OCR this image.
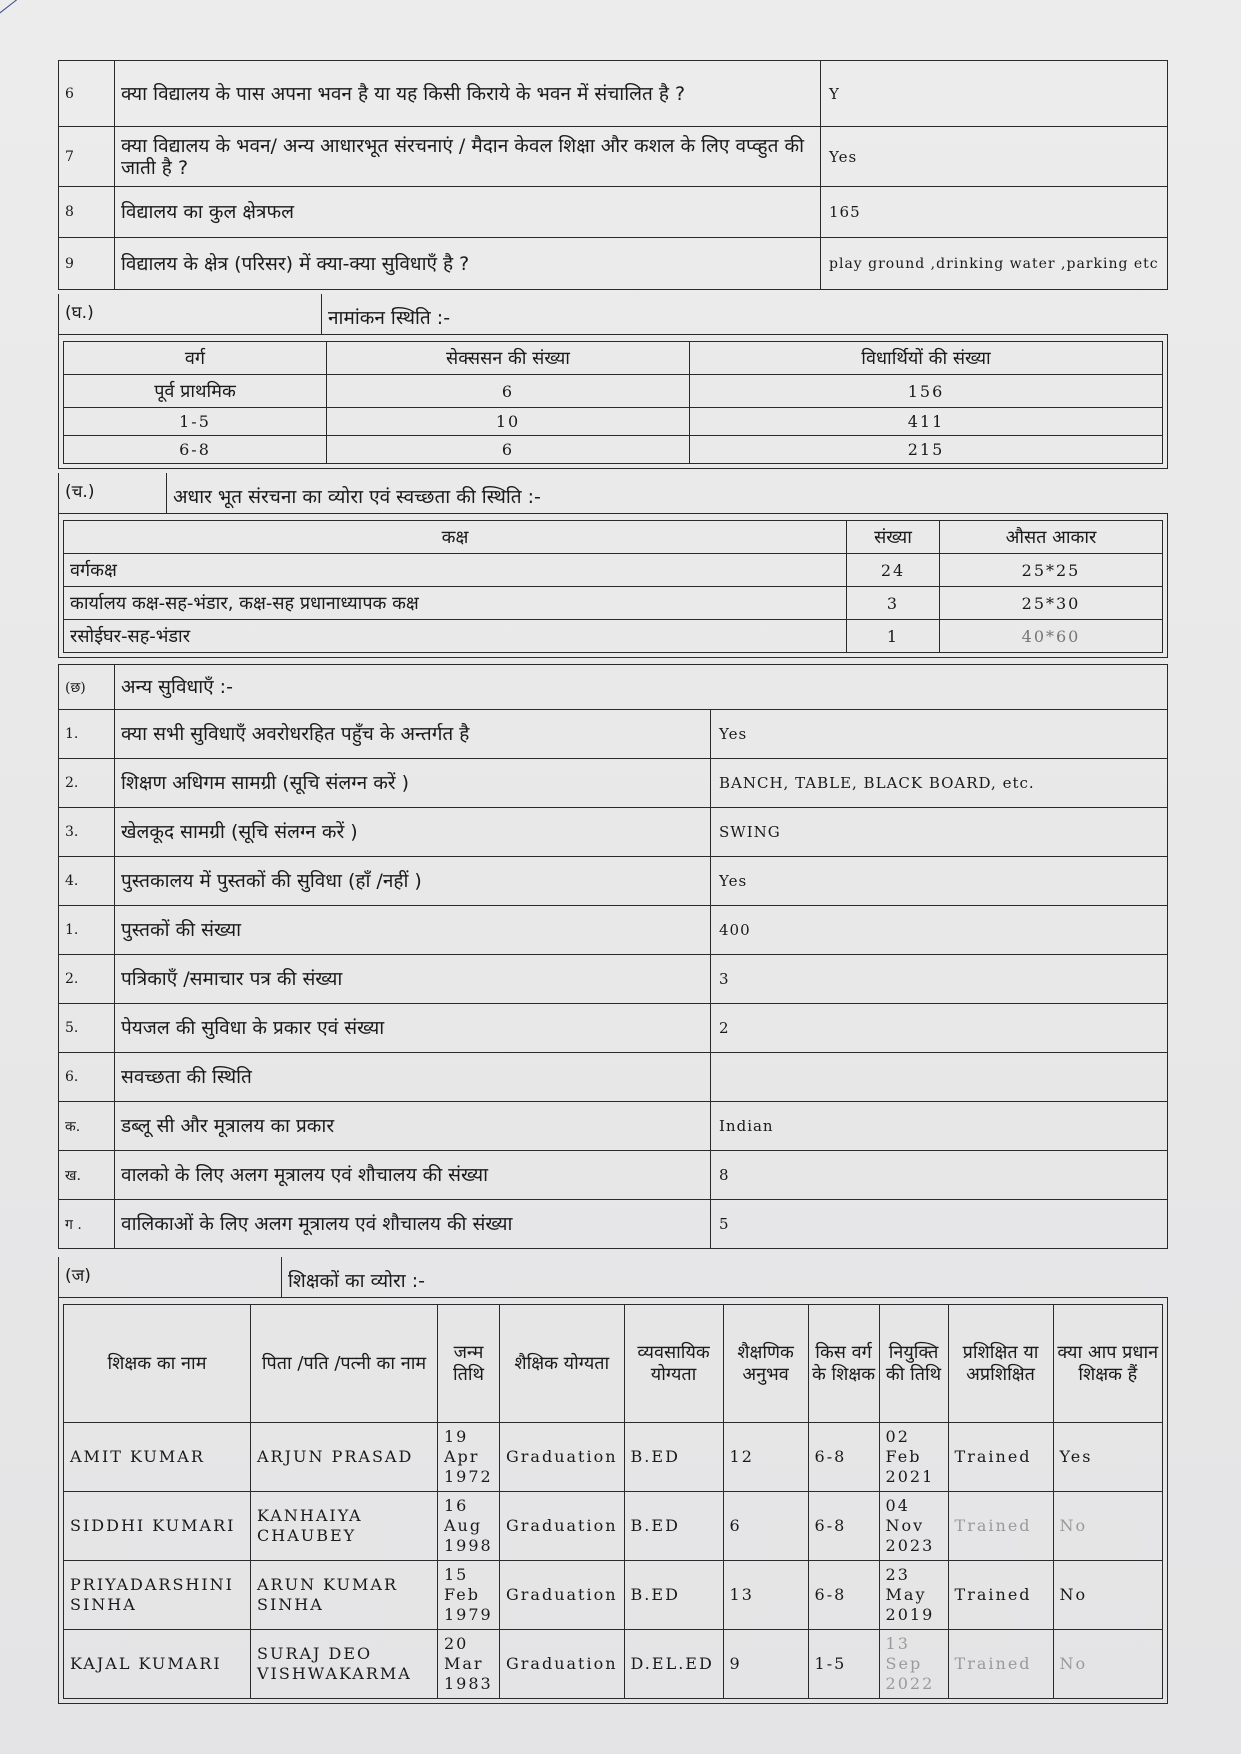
6	क्या विद्यालय के पास अपना भवन है या यह किसी किराये के भवन में संचालित है ?	Y
7	क्या विद्यालय के भवन/ अन्य आधारभूत संरचनाएं / मैदान केवल शिक्षा और कशल के लिए वप्व्हुत की जाती है ?	Yes
8	विद्यालय का कुल क्षेत्रफल	165
9	विद्यालय के क्षेत्र (परिसर) में क्या-क्या सुविधाएँ है ?	play ground ,drinking water ,parking etc
(घ.)	नामांकन स्थिति :-
वर्ग	सेक्ससन की संख्या	विधार्थियों की संख्या
पूर्व प्राथमिक	6	156
1-5	10	411
6-8	6	215
(च.)	अधार भूत संरचना का व्योरा एवं स्वच्छता की स्थिति :-
कक्ष	संख्या	औसत आकार
वर्गकक्ष	24	25*25
कार्यालय कक्ष-सह-भंडार, कक्ष-सह प्रधानाध्यापक कक्ष	3	25*30
रसोईघर-सह-भंडार	1	40*60
(छ)	अन्य सुविधाएँ :-	
1.	क्या सभी सुविधाएँ अवरोधरहित पहुँच के अन्तर्गत है	Yes
2.	शिक्षण अधिगम सामग्री (सूचि संलग्न करें )	BANCH, TABLE, BLACK BOARD, etc.
3.	खेलकूद सामग्री (सूचि संलग्न करें )	SWING
4.	पुस्तकालय में पुस्तकों की सुविधा (हाँ /नहीं )	Yes
1.	पुस्तकों की संख्या	400
2.	पत्रिकाएँ /समाचार पत्र की संख्या	3
5.	पेयजल की सुविधा के प्रकार एवं संख्या	2
6.	सवच्छता की स्थिति	
क.	डब्लू सी और मूत्रालय का प्रकार	Indian
ख.	वालको के लिए अलग मूत्रालय एवं शौचालय की संख्या	8
ग .	वालिकाओं के लिए अलग मूत्रालय एवं शौचालय की संख्या	5
(ज)	शिक्षकों का व्योरा :-
शिक्षक का नाम	पिता /पति /पत्नी का नाम	जन्म तिथि	शैक्षिक योग्यता	व्यवसायिक योग्यता	शैक्षणिक अनुभव	किस वर्ग के शिक्षक	नियुक्ति की तिथि	प्रशिक्षित या अप्रशिक्षित	क्या आप प्रधान शिक्षक हैं
AMIT KUMAR	ARJUN PRASAD	19 Apr 1972	Graduation	B.ED	12	6-8	02 Feb 2021	Trained	Yes
SIDDHI KUMARI	KANHAIYA CHAUBEY	16 Aug 1998	Graduation	B.ED	6	6-8	04 Nov 2023	Trained	No
PRIYADARSHINI SINHA	ARUN KUMAR SINHA	15 Feb 1979	Graduation	B.ED	13	6-8	23 May 2019	Trained	No
KAJAL KUMARI	SURAJ DEO VISHWAKARMA	20 Mar 1983	Graduation	D.EL.ED	9	1-5	13 Sep 2022	Trained	No
